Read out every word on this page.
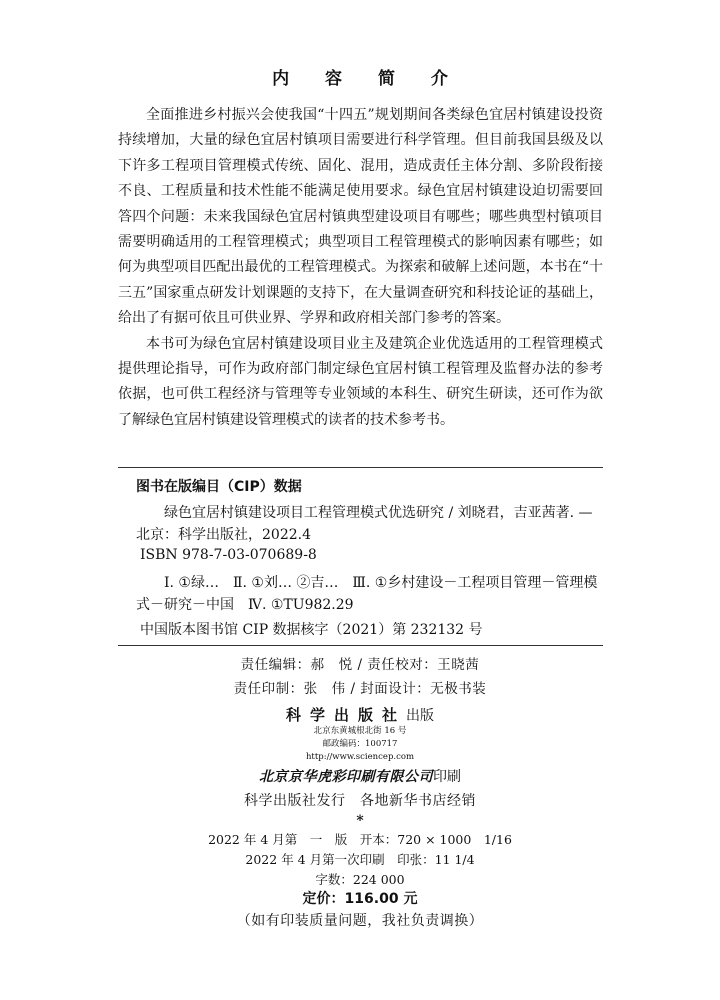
内 容 简 介

全面推进乡村振兴会使我国“十四五”规划期间各类绿色宜居村镇建设投资持续增加，大量的绿色宜居村镇项目需要进行科学管理。但目前我国县级及以下许多工程项目管理模式传统、固化、混用，造成责任主体分割、多阶段衔接不良、工程质量和技术性能不能满足使用要求。绿色宜居村镇建设迫切需要回答四个问题：未来我国绿色宜居村镇典型建设项目有哪些；哪些典型村镇项目需要明确适用的工程管理模式；典型项目工程管理模式的影响因素有哪些；如何为典型项目匹配出最优的工程管理模式。为探索和破解上述问题，本书在“十三五”国家重点研发计划课题的支持下，在大量调查研究和科技论证的基础上，给出了有据可依且可供业界、学界和政府相关部门参考的答案。

本书可为绿色宜居村镇建设项目业主及建筑企业优选适用的工程管理模式提供理论指导，可作为政府部门制定绿色宜居村镇工程管理及监督办法的参考依据，也可供工程经济与管理等专业领域的本科生、研究生研读，还可作为欲了解绿色宜居村镇建设管理模式的读者的技术参考书。

图书在版编目（CIP）数据
绿色宜居村镇建设项目工程管理模式优选研究 / 刘晓君，吉亚茜著. —北京：科学出版社，2022.4
ISBN 978-7-03-070689-8
Ⅰ. ①绿…　Ⅱ. ①刘… ②吉…　Ⅲ. ①乡村建设－工程项目管理－管理模式－研究－中国　Ⅳ. ①TU982.29
中国版本图书馆 CIP 数据核字（2021）第 232132 号
责任编辑：郝　悦 / 责任校对：王晓茜
责任印制：张　伟 / 封面设计：无极书装
科学出版社出版
北京东黄城根北街 16 号
邮政编码：100717
http://www.sciencep.com
北京京华虎彩印刷有限公司印刷
科学出版社发行　各地新华书店经销
*
2022 年 4 月第　一　版　开本：720 × 1000　1/16
2022 年 4 月第一次印刷　印张：11 1/4
字数：224 000
定价：116.00 元
（如有印装质量问题，我社负责调换）
